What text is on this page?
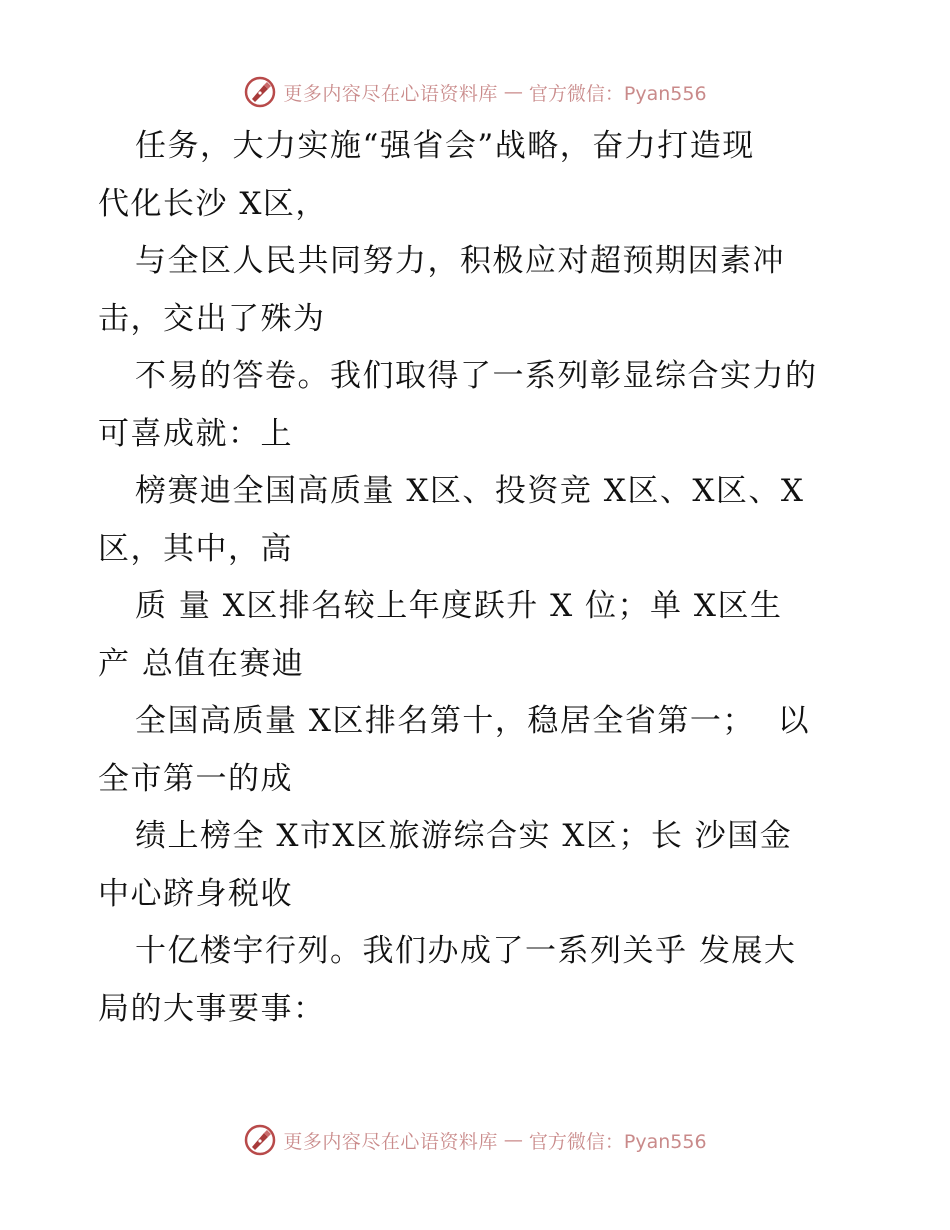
更多内容尽在心语资料库 — 官方微信：Pyan556
任务，大力实施“强省会”战略，奋力打造现
代化长沙 X区，
与全区人民共同努力，积极应对超预期因素冲
击，交出了殊为
不易的答卷。我们取得了一系列彰显综合实力的
可喜成就：上
榜赛迪全国高质量 X区、投资竞 X区、X区、X
区，其中，高
质 量 X区排名较上年度跃升 X 位；单 X区生
产 总值在赛迪
全国高质量 X区排名第十，稳居全省第一；  以
全市第一的成
绩上榜全 X市X区旅游综合实 X区；长 沙国金
中心跻身税收
十亿楼宇行列。我们办成了一系列关乎 发展大
局的大事要事：
更多内容尽在心语资料库 — 官方微信：Pyan556
